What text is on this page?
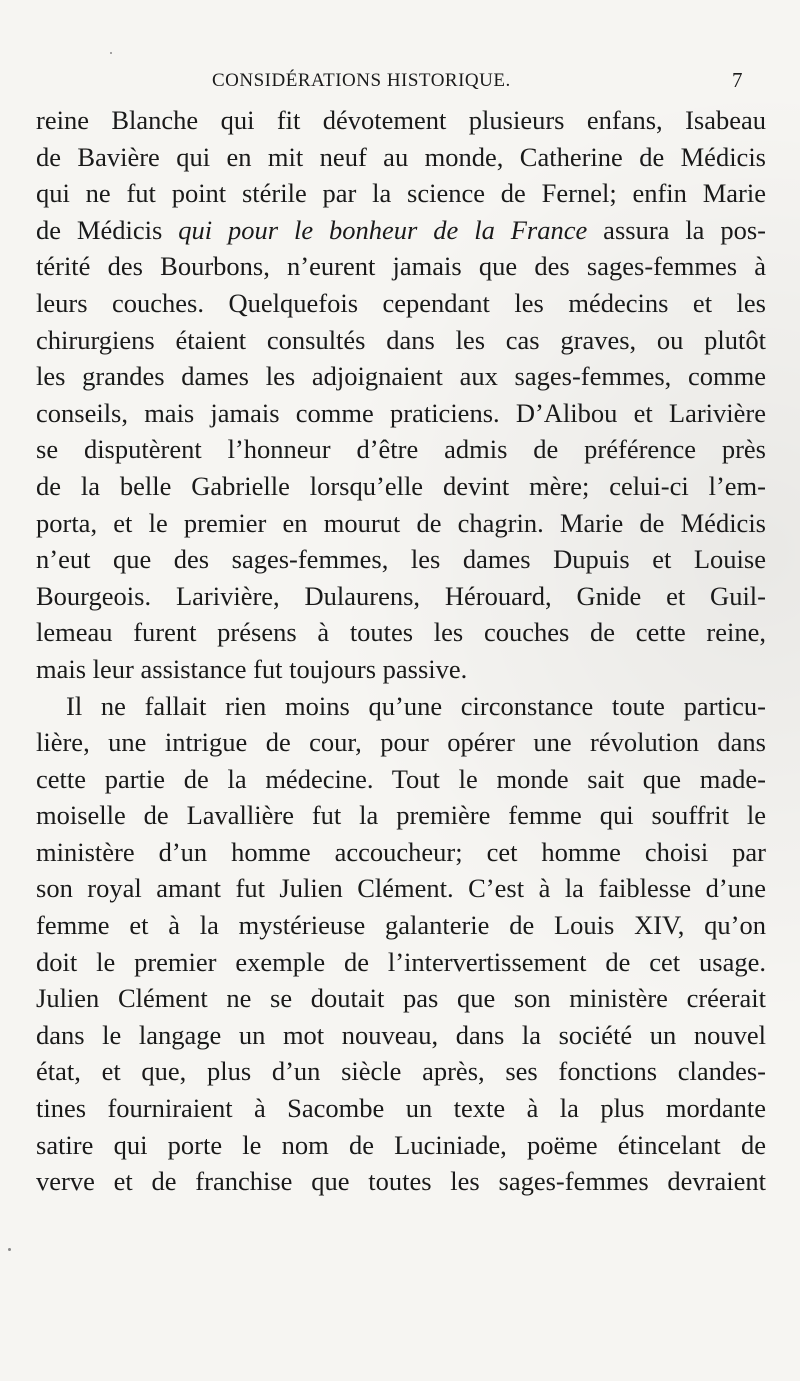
CONSIDÉRATIONS HISTORIQUE.	7
reine Blanche qui fit dévotement plusieurs enfans, Isabeau
de Bavière qui en mit neuf au monde, Catherine de Médicis
qui ne fut point stérile par la science de Fernel; enfin Marie
de Médicis qui pour le bonheur de la France assura la pos-
térité des Bourbons, n’eurent jamais que des sages-femmes à
leurs couches. Quelquefois cependant les médecins et les
chirurgiens étaient consultés dans les cas graves, ou plutôt
les grandes dames les adjoignaient aux sages-femmes, comme
conseils, mais jamais comme praticiens. D’Alibou et Larivière
se disputèrent l’honneur d’être admis de préférence près
de la belle Gabrielle lorsqu’elle devint mère; celui-ci l’em-
porta, et le premier en mourut de chagrin. Marie de Médicis
n’eut que des sages-femmes, les dames Dupuis et Louise
Bourgeois. Larivière, Dulaurens, Hérouard, Gnide et Guil-
lemeau furent présens à toutes les couches de cette reine,
mais leur assistance fut toujours passive.
Il ne fallait rien moins qu’une circonstance toute particu-
lière, une intrigue de cour, pour opérer une révolution dans
cette partie de la médecine. Tout le monde sait que made-
moiselle de Lavallière fut la première femme qui souffrit le
ministère d’un homme accoucheur; cet homme choisi par
son royal amant fut Julien Clément. C’est à la faiblesse d’une
femme et à la mystérieuse galanterie de Louis XIV, qu’on
doit le premier exemple de l’intervertissement de cet usage.
Julien Clément ne se doutait pas que son ministère créerait
dans le langage un mot nouveau, dans la société un nouvel
état, et que, plus d’un siècle après, ses fonctions clandes-
tines fourniraient à Sacombe un texte à la plus mordante
satire qui porte le nom de Luciniade, poëme étincelant de
verve et de franchise que toutes les sages-femmes devraient
